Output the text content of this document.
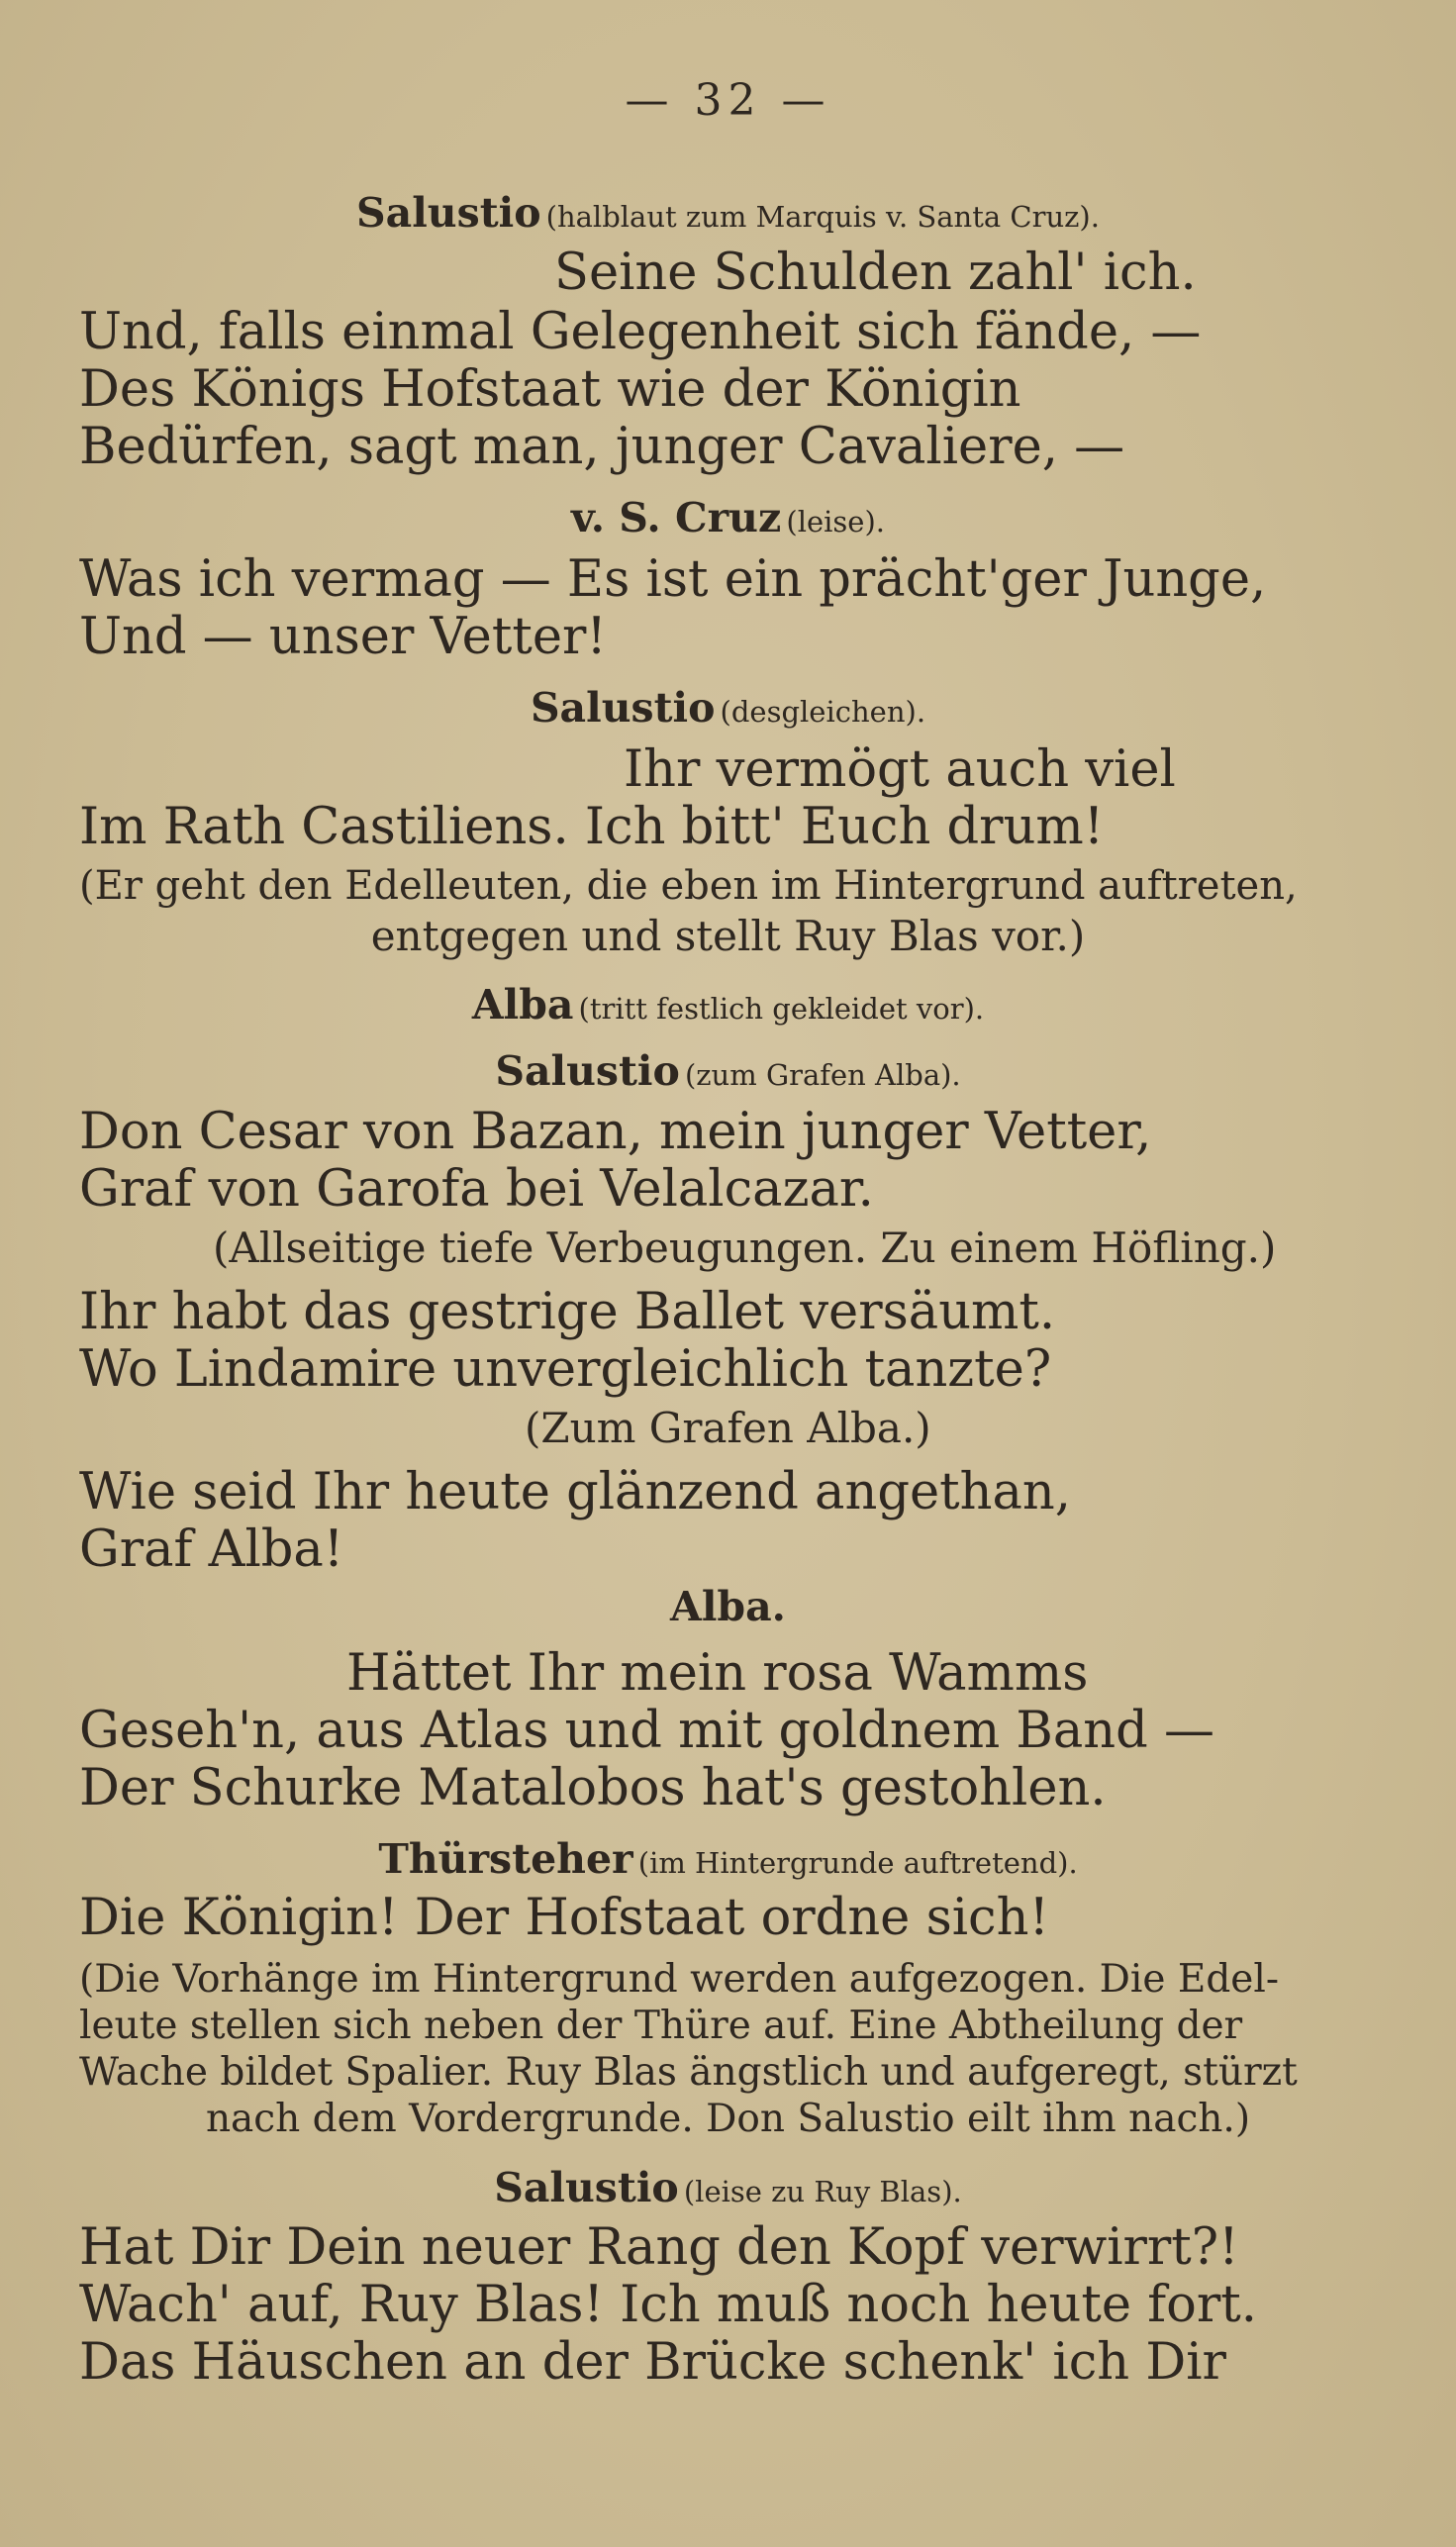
— 32 —
Salustio (halblaut zum Marquis v. Santa Cruz).
Seine Schulden zahl' ich.
Und, falls einmal Gelegenheit sich fände, —
Des Königs Hofstaat wie der Königin
Bedürfen, sagt man, junger Cavaliere, —
v. S. Cruz (leise).
Was ich vermag — Es ist ein prächt'ger Junge,
Und — unser Vetter!
Salustio (desgleichen).
Ihr vermögt auch viel
Im Rath Castiliens. Ich bitt' Euch drum!
(Er geht den Edelleuten, die eben im Hintergrund auftreten,
entgegen und stellt Ruy Blas vor.)
Alba (tritt festlich gekleidet vor).
Salustio (zum Grafen Alba).
Don Cesar von Bazan, mein junger Vetter,
Graf von Garofa bei Velalcazar.
(Allseitige tiefe Verbeugungen. Zu einem Höfling.)
Ihr habt das gestrige Ballet versäumt.
Wo Lindamire unvergleichlich tanzte?
(Zum Grafen Alba.)
Wie seid Ihr heute glänzend angethan,
Graf Alba!
Alba.
Hättet Ihr mein rosa Wamms
Geseh'n, aus Atlas und mit goldnem Band —
Der Schurke Matalobos hat's gestohlen.
Thürsteher (im Hintergrunde auftretend).
Die Königin! Der Hofstaat ordne sich!
(Die Vorhänge im Hintergrund werden aufgezogen. Die Edel-
leute stellen sich neben der Thüre auf. Eine Abtheilung der
Wache bildet Spalier. Ruy Blas ängstlich und aufgeregt, stürzt
nach dem Vordergrunde. Don Salustio eilt ihm nach.)
Salustio (leise zu Ruy Blas).
Hat Dir Dein neuer Rang den Kopf verwirrt?!
Wach' auf, Ruy Blas! Ich muß noch heute fort.
Das Häuschen an der Brücke schenk' ich Dir
